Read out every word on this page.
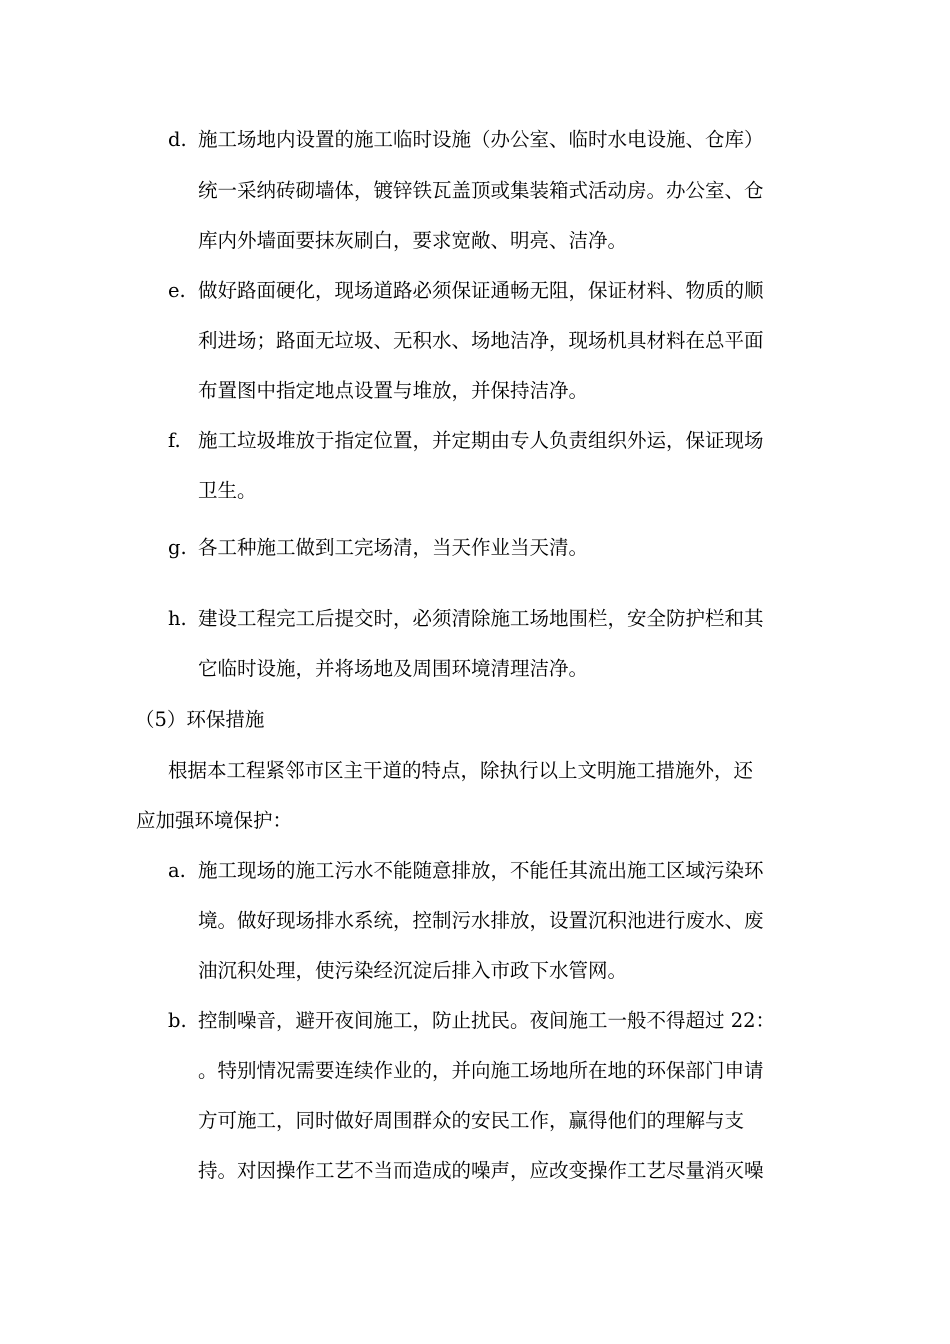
d. 施工场地内设置的施工临时设施（办公室、临时水电设施、仓库）
统一采纳砖砌墙体，镀锌铁瓦盖顶或集装箱式活动房。办公室、仓
库内外墙面要抹灰刷白，要求宽敞、明亮、洁净。
e. 做好路面硬化，现场道路必须保证通畅无阻，保证材料、物质的顺
利进场；路面无垃圾、无积水、场地洁净，现场机具材料在总平面
布置图中指定地点设置与堆放，并保持洁净。
f. 施工垃圾堆放于指定位置，并定期由专人负责组织外运，保证现场
卫生。
g. 各工种施工做到工完场清，当天作业当天清。
h. 建设工程完工后提交时，必须清除施工场地围栏，安全防护栏和其
它临时设施，并将场地及周围环境清理洁净。
（5）环保措施
根据本工程紧邻市区主干道的特点，除执行以上文明施工措施外，还
应加强环境保护：
a. 施工现场的施工污水不能随意排放，不能任其流出施工区域污染环
境。做好现场排水系统，控制污水排放，设置沉积池进行废水、废
油沉积处理，使污染经沉淀后排入市政下水管网。
b. 控制噪音，避开夜间施工，防止扰民。夜间施工一般不得超过 22：
。特别情况需要连续作业的，并向施工场地所在地的环保部门申请
方可施工，同时做好周围群众的安民工作，赢得他们的理解与支
持。对因操作工艺不当而造成的噪声，应改变操作工艺尽量消灭噪
